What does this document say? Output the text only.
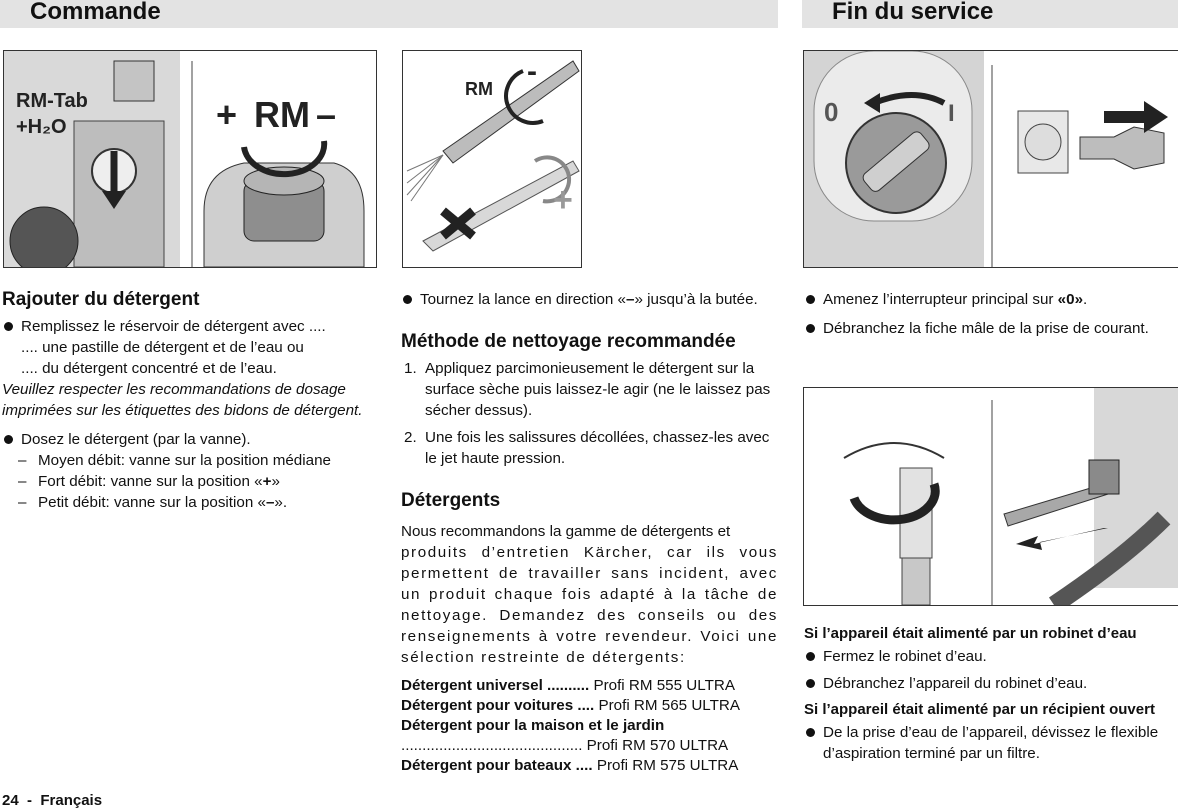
Commande	Fin du service
RM-Tab
+H₂O	+ RM –
RM
-
+
0	I
Rajouter du détergent
Remplissez le réservoir de détergent avec ....
.... une pastille de détergent et de l’eau ou
.... du détergent concentré et de l’eau.
Veuillez respecter les recommandations de dosage imprimées sur les étiquettes des bidons de détergent.
Dosez le détergent (par la vanne).
– Moyen débit: vanne sur la position médiane
– Fort débit: vanne sur la position «+»
– Petit débit: vanne sur la position «–».
Tournez la lance en direction «–» jusqu’à la butée.
Méthode de nettoyage recommandée
1. Appliquez parcimonieusement le détergent sur la surface sèche puis laissez-le agir (ne le laissez pas sécher dessus).
2. Une fois les salissures décollées, chassez-les avec le jet haute pression.
Détergents
Nous recommandons la gamme de détergents et
produits d’entretien Kärcher, car ils vous permettent de travailler sans incident, avec un produit chaque fois adapté à la tâche de nettoyage. Demandez des conseils ou des renseignements à votre revendeur. Voici une sélection restreinte de détergents:
Détergent universel .......... Profi RM 555 ULTRA
Détergent pour voitures .... Profi RM 565 ULTRA
Détergent pour la maison et le jardin
........................................... Profi RM 570 ULTRA
Détergent pour bateaux .... Profi RM 575 ULTRA
Amenez l’interrupteur principal sur «0».
Débranchez la fiche mâle de la prise de courant.
Si l’appareil était alimenté par un robinet d’eau
Fermez le robinet d’eau.
Débranchez l’appareil du robinet d’eau.
Si l’appareil était alimenté par un récipient ouvert
De la prise d’eau de l’appareil, dévissez le flexible d’aspiration terminé par un filtre.
24  -  Français
